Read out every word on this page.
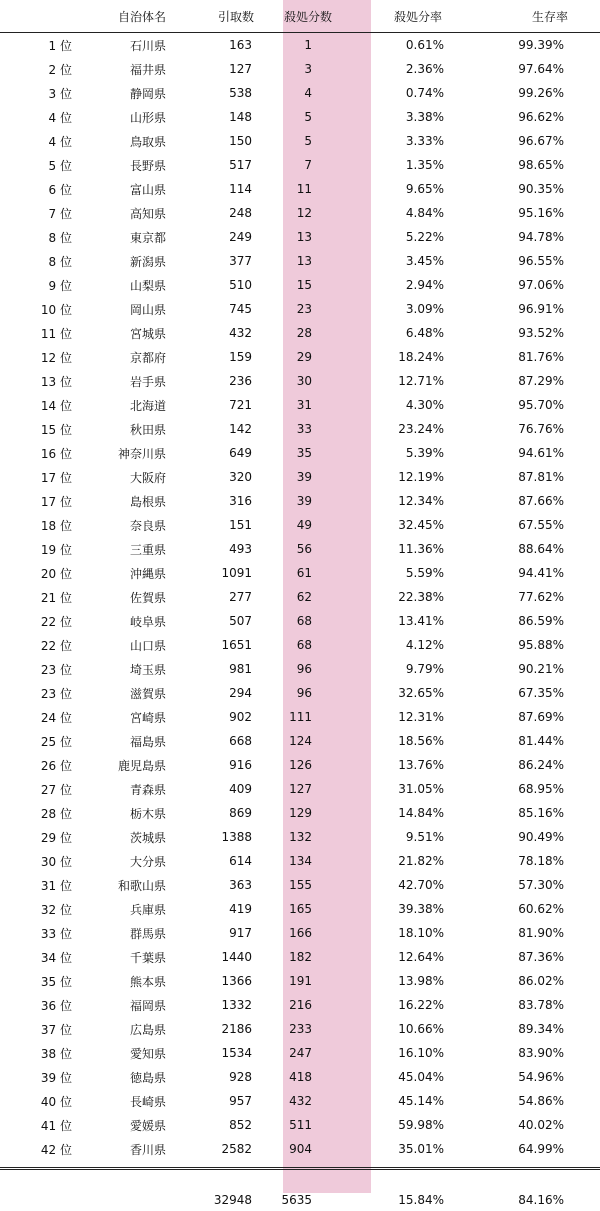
	自治体名	引取数	殺処分数	殺処分率	生存率
1 位	石川県	163	1	0.61%	99.39%
2 位	福井県	127	3	2.36%	97.64%
3 位	静岡県	538	4	0.74%	99.26%
4 位	山形県	148	5	3.38%	96.62%
4 位	鳥取県	150	5	3.33%	96.67%
5 位	長野県	517	7	1.35%	98.65%
6 位	富山県	114	11	9.65%	90.35%
7 位	高知県	248	12	4.84%	95.16%
8 位	東京都	249	13	5.22%	94.78%
8 位	新潟県	377	13	3.45%	96.55%
9 位	山梨県	510	15	2.94%	97.06%
10 位	岡山県	745	23	3.09%	96.91%
11 位	宮城県	432	28	6.48%	93.52%
12 位	京都府	159	29	18.24%	81.76%
13 位	岩手県	236	30	12.71%	87.29%
14 位	北海道	721	31	4.30%	95.70%
15 位	秋田県	142	33	23.24%	76.76%
16 位	神奈川県	649	35	5.39%	94.61%
17 位	大阪府	320	39	12.19%	87.81%
17 位	島根県	316	39	12.34%	87.66%
18 位	奈良県	151	49	32.45%	67.55%
19 位	三重県	493	56	11.36%	88.64%
20 位	沖縄県	1091	61	5.59%	94.41%
21 位	佐賀県	277	62	22.38%	77.62%
22 位	岐阜県	507	68	13.41%	86.59%
22 位	山口県	1651	68	4.12%	95.88%
23 位	埼玉県	981	96	9.79%	90.21%
23 位	滋賀県	294	96	32.65%	67.35%
24 位	宮崎県	902	111	12.31%	87.69%
25 位	福島県	668	124	18.56%	81.44%
26 位	鹿児島県	916	126	13.76%	86.24%
27 位	青森県	409	127	31.05%	68.95%
28 位	栃木県	869	129	14.84%	85.16%
29 位	茨城県	1388	132	9.51%	90.49%
30 位	大分県	614	134	21.82%	78.18%
31 位	和歌山県	363	155	42.70%	57.30%
32 位	兵庫県	419	165	39.38%	60.62%
33 位	群馬県	917	166	18.10%	81.90%
34 位	千葉県	1440	182	12.64%	87.36%
35 位	熊本県	1366	191	13.98%	86.02%
36 位	福岡県	1332	216	16.22%	83.78%
37 位	広島県	2186	233	10.66%	89.34%
38 位	愛知県	1534	247	16.10%	83.90%
39 位	徳島県	928	418	45.04%	54.96%
40 位	長崎県	957	432	45.14%	54.86%
41 位	愛媛県	852	511	59.98%	40.02%
42 位	香川県	2582	904	35.01%	64.99%
		32948	5635	15.84%	84.16%
